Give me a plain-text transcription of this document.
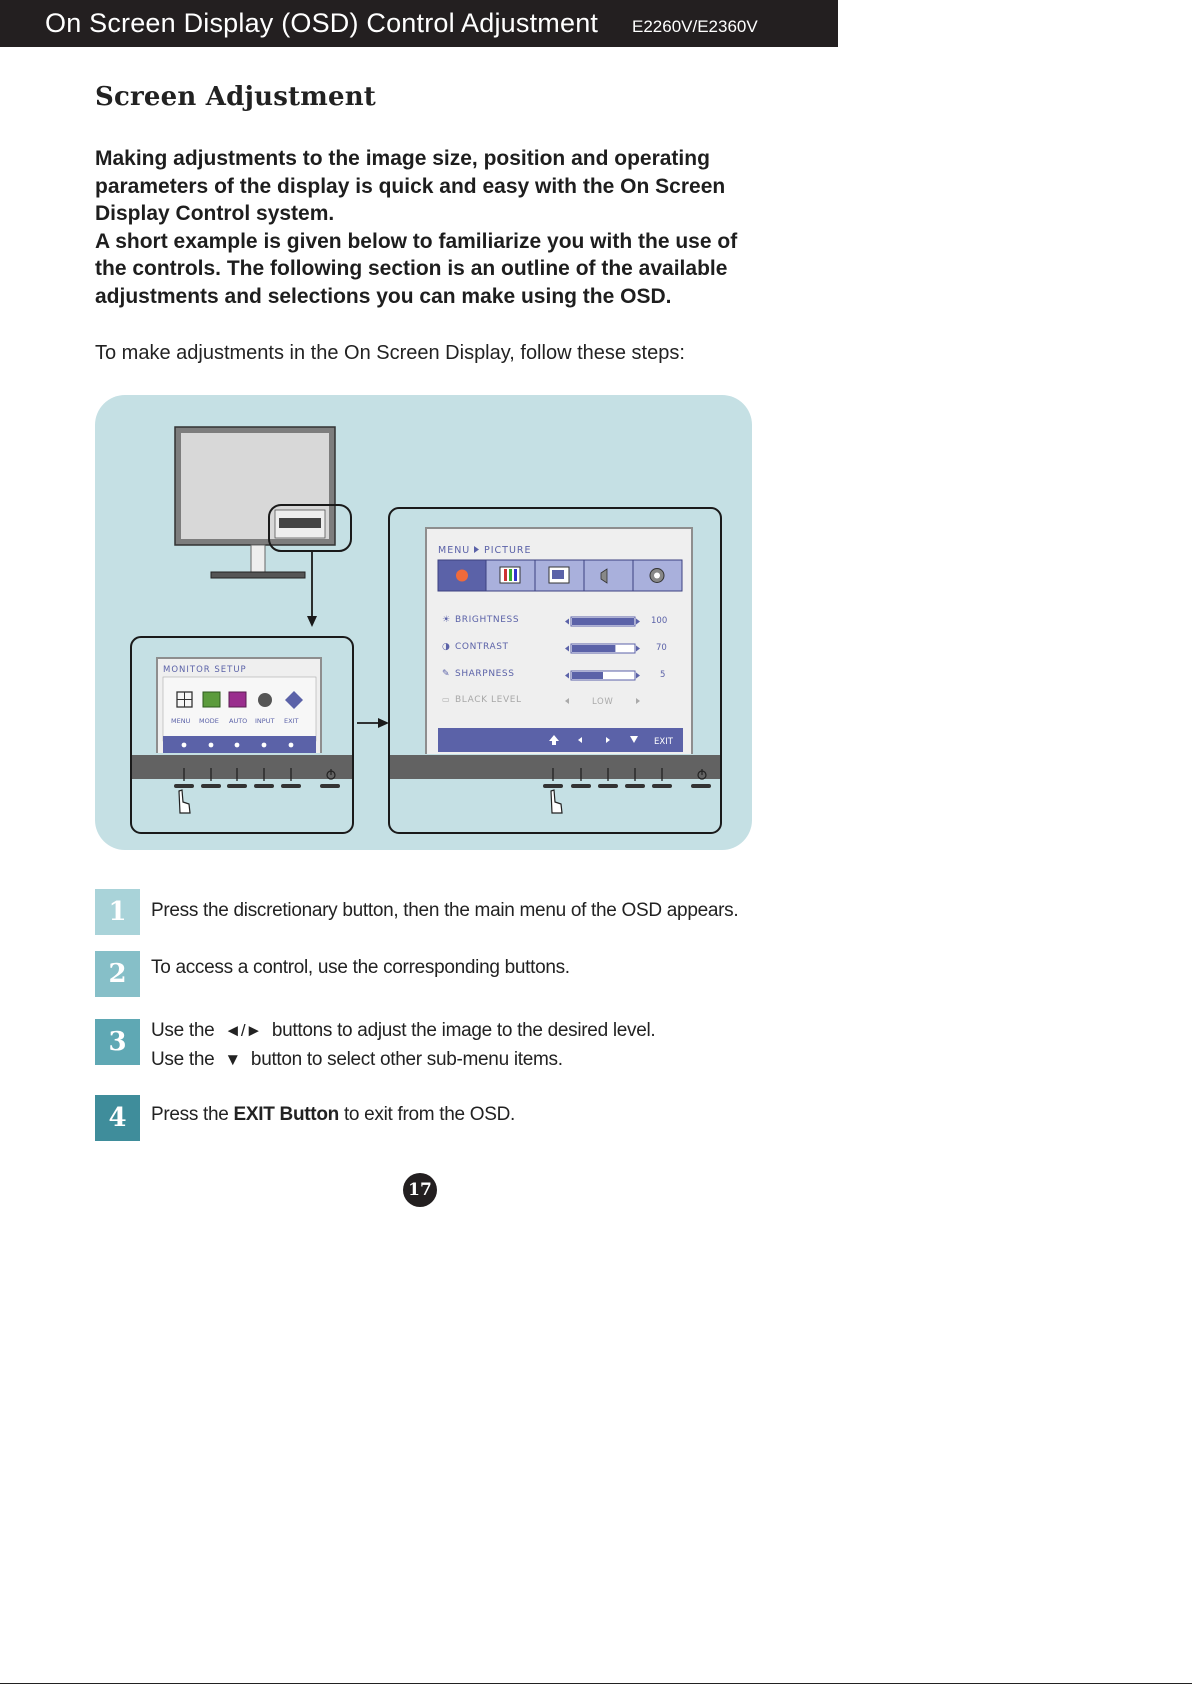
On Screen Display (OSD) Control Adjustment E2260V/E2360V
Screen Adjustment

Making adjustments to the image size, position and operating parameters of the display is quick and easy with the On Screen Display Control system.

A short example is given below to familiarize you with the use of the controls. The following section is an outline of the available adjustments and selections you can make using the OSD.

To make adjustments in the On Screen Display, follow these steps:
MONITOR SETUP
MENU MODE AUTO INPUT EXIT
MENU PICTURE
☀ BRIGHTNESS
◑ CONTRAST
✎ SHARPNESS
▭ BLACK LEVEL
100
70
5
LOW
EXIT
1	Press the discretionary button, then the main menu of the OSD appears.
2	To access a control, use the corresponding buttons.
3	Use the ◄/► buttons to adjust the image to the desired level.
Use the ▼ button to select other sub-menu items.
4	Press the EXIT Button to exit from the OSD.
17
